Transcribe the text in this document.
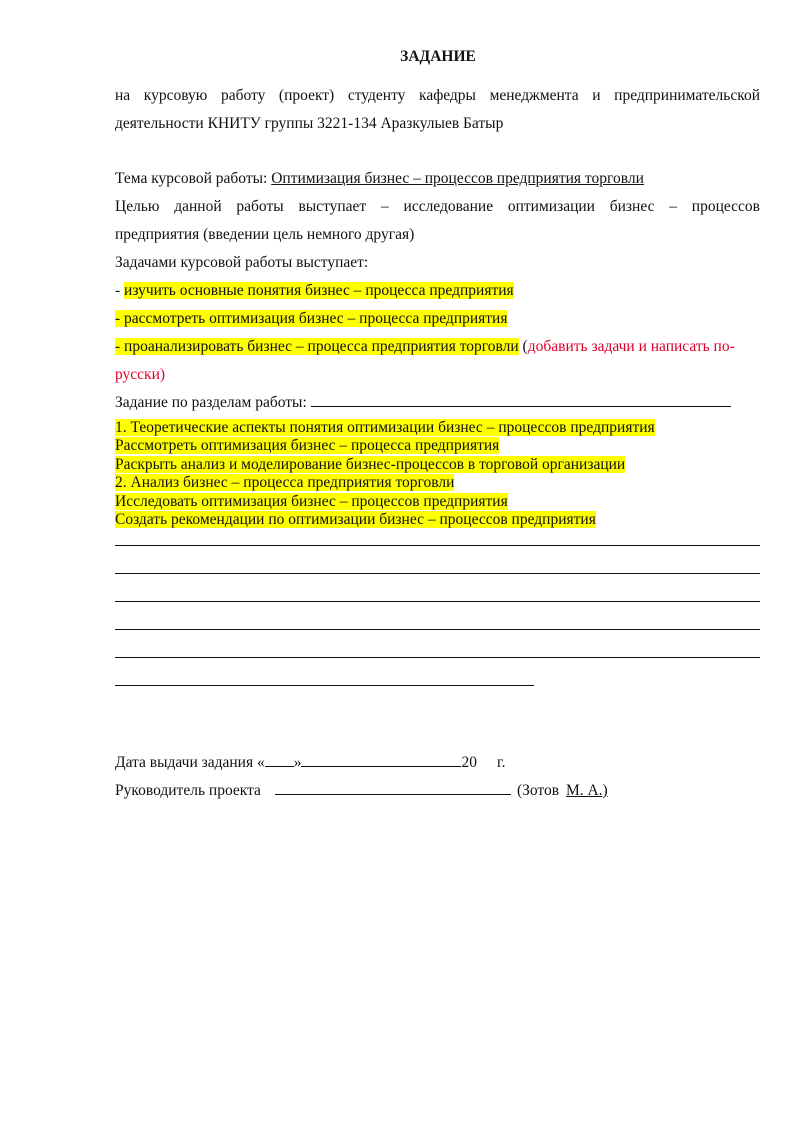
ЗАДАНИЕ
на курсовую работу (проект) студенту кафедры менеджмента и предпринимательской
деятельности КНИТУ группы 3221-134 Аразкулыев Батыр
Тема курсовой работы: Оптимизация бизнес – процессов предприятия торговли
Целью данной работы выступает – исследование оптимизации бизнес – процессов
предприятия (введении цель немного другая)
Задачами курсовой работы выступает:
- изучить основные понятия бизнес – процесса предприятия
- рассмотреть оптимизация бизнес – процесса предприятия
- проанализировать бизнес – процесса предприятия торговли (добавить задачи и написать по-
русски)
Задание по разделам работы:
1. Теоретические аспекты понятия оптимизации бизнес – процессов предприятия
Рассмотреть оптимизация бизнес – процесса предприятия
Раскрыть анализ и моделирование бизнес-процессов в торговой организации
2. Анализ бизнес – процесса предприятия торговли
Исследовать оптимизация бизнес – процессов предприятия
Создать рекомендации по оптимизации бизнес – процессов предприятия
Дата выдачи задания « »	20 г.
Руководитель проекта	(Зотов М. А.)
